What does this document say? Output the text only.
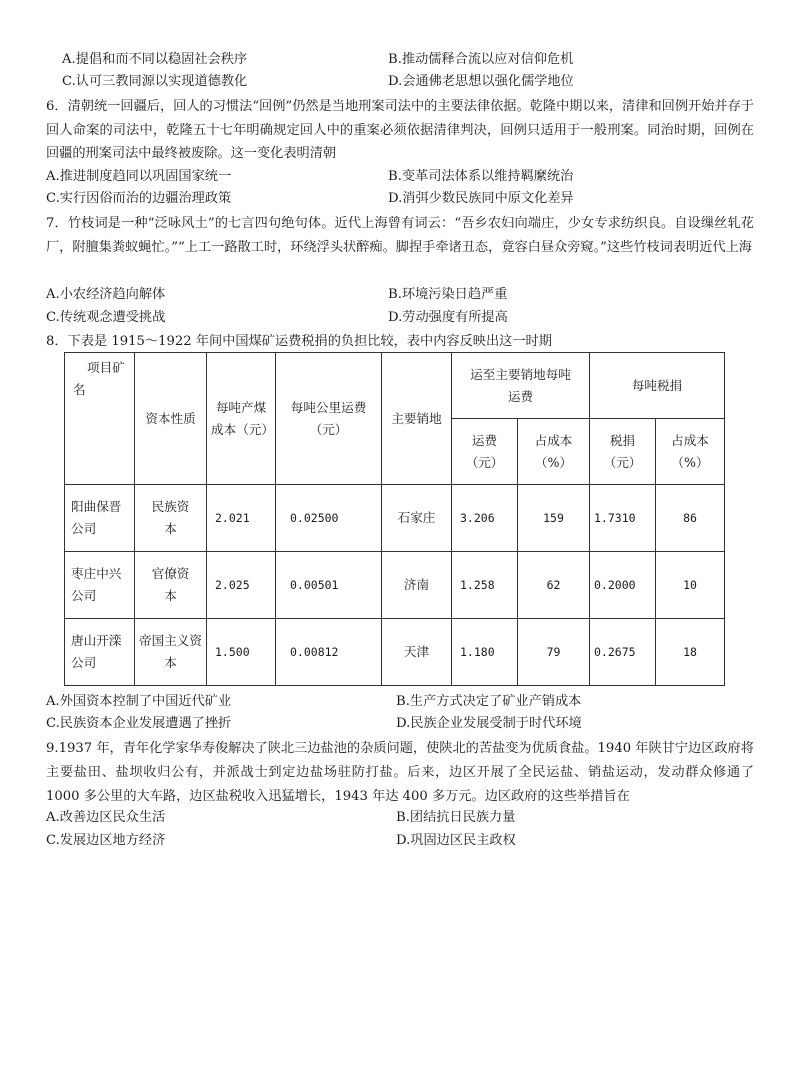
A.提倡和而不同以稳固社会秩序	B.推动儒释合流以应对信仰危机
C.认可三教同源以实现道德教化	D.会通佛老思想以强化儒学地位
6．清朝统一回疆后，回人的习惯法“回例”仍然是当地刑案司法中的主要法律依据。乾隆中期以来，清律和回例开始并存于回人命案的司法中，乾隆五十七年明确规定回人中的重案必须依据清律判决，回例只适用于一般刑案。同治时期，回例在回疆的刑案司法中最终被废除。这一变化表明清朝
A.推进制度趋同以巩固国家统一	B.变革司法体系以维持羁縻统治
C.实行因俗而治的边疆治理政策	D.消弭少数民族同中原文化差异
7．竹枝词是一种“泛咏风土”的七言四句绝句体。近代上海曾有词云：“吾乡农妇向端庄，少女专求纺织良。自设缫丝轧花厂，附膻集粪蚁蝇忙。”“上工一路散工时，环绕浮头状醉痴。脚捏手牵诸丑态，竟容白昼众旁窥。”这些竹枝词表明近代上海
A.小农经济趋向解体	B.环境污染日趋严重
C.传统观念遭受挑战	D.劳动强度有所提高
8．下表是 1915～1922 年间中国煤矿运费税捐的负担比较，表中内容反映出这一时期
项目矿
名	资本性质	每吨产煤成本（元）	每吨公里运费（元）	主要销地	运至主要销地每吨运费		每吨税捐	
					运费（元）	占成本（%）	税捐（元）	占成本（%）
阳曲保晋公司	民族资本	2.021	0.02500	石家庄	3.206	159	1.7310	86
枣庄中兴公司	官僚资本	2.025	0.00501	济南	1.258	62	0.2000	10
唐山开滦公司	帝国主义资本	1.500	0.00812	天津	1.180	79	0.2675	18
A.外国资本控制了中国近代矿业	B.生产方式决定了矿业产销成本
C.民族资本企业发展遭遇了挫折	D.民族企业发展受制于时代环境
9.1937 年，青年化学家华寿俊解决了陕北三边盐池的杂质问题，使陕北的苦盐变为优质食盐。1940 年陕甘宁边区政府将主要盐田、盐坝收归公有，并派战士到定边盐场驻防打盐。后来，边区开展了全民运盐、销盐运动，发动群众修通了 1000 多公里的大车路，边区盐税收入迅猛增长，1943 年达 400 多万元。边区政府的这些举措旨在
A.改善边区民众生活	B.团结抗日民族力量
C.发展边区地方经济	D.巩固边区民主政权
